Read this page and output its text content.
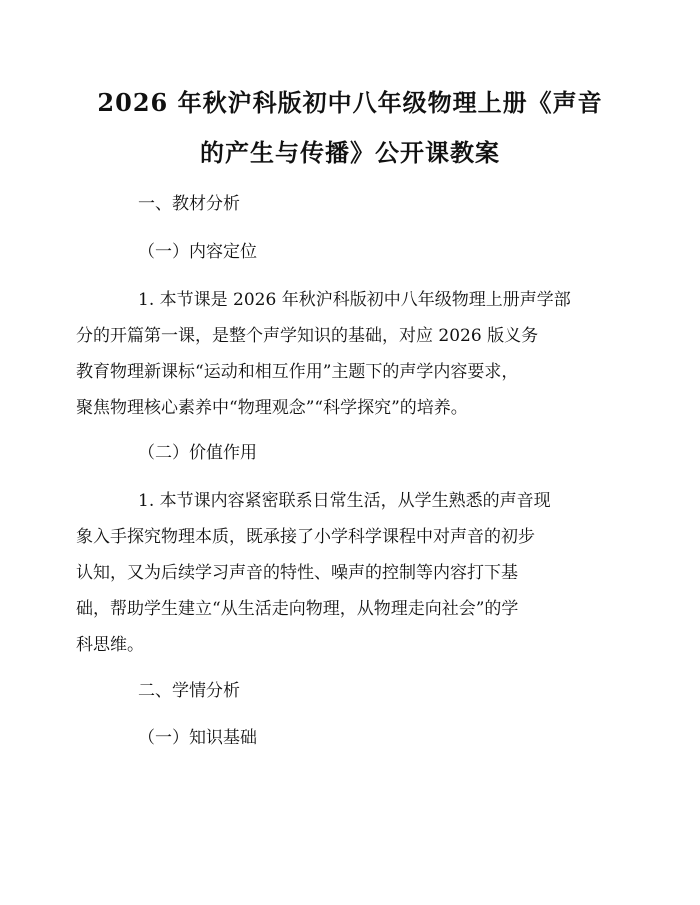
2026 年秋沪科版初中八年级物理上册《声音
的产生与传播》公开课教案

一、教材分析

（一）内容定位

1. 本节课是 2026 年秋沪科版初中八年级物理上册声学部

分的开篇第一课，是整个声学知识的基础，对应 2026 版义务

教育物理新课标“运动和相互作用”主题下的声学内容要求，

聚焦物理核心素养中“物理观念”“科学探究”的培养。

（二）价值作用

1. 本节课内容紧密联系日常生活，从学生熟悉的声音现

象入手探究物理本质，既承接了小学科学课程中对声音的初步

认知，又为后续学习声音的特性、噪声的控制等内容打下基

础，帮助学生建立“从生活走向物理，从物理走向社会”的学

科思维。

二、学情分析

（一）知识基础
